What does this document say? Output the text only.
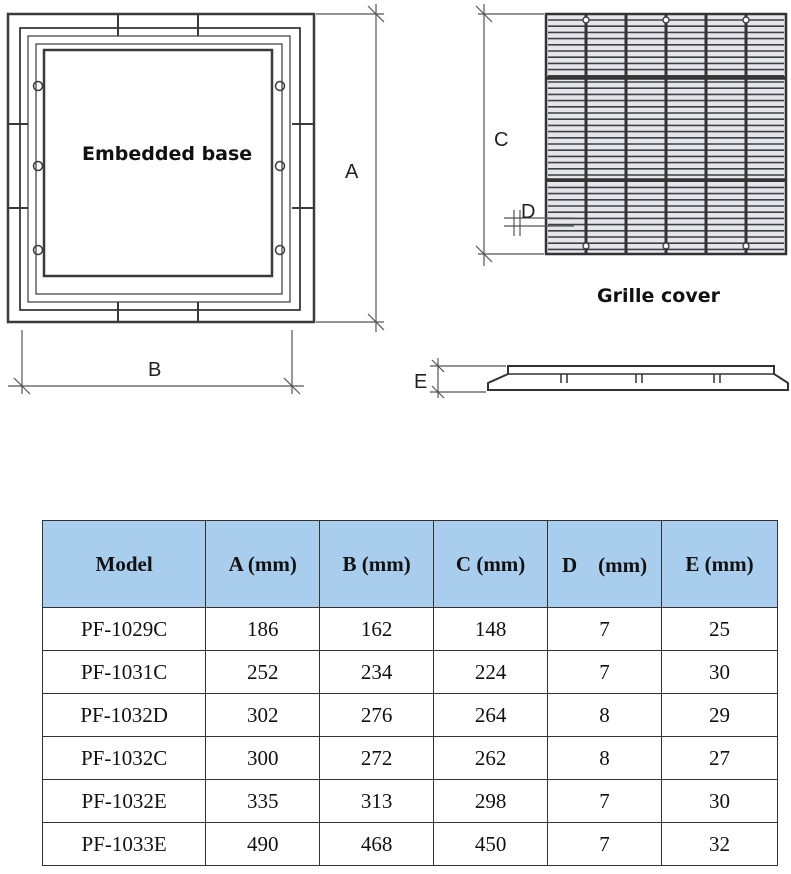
Embedded base
A
B
Grille cover
C
D
E
Model	A (mm)	B (mm)	C (mm)	D　(mm)	E (mm)
PF-1029C	186	162	148	7	25
PF-1031C	252	234	224	7	30
PF-1032D	302	276	264	8	29
PF-1032C	300	272	262	8	27
PF-1032E	335	313	298	7	30
PF-1033E	490	468	450	7	32
